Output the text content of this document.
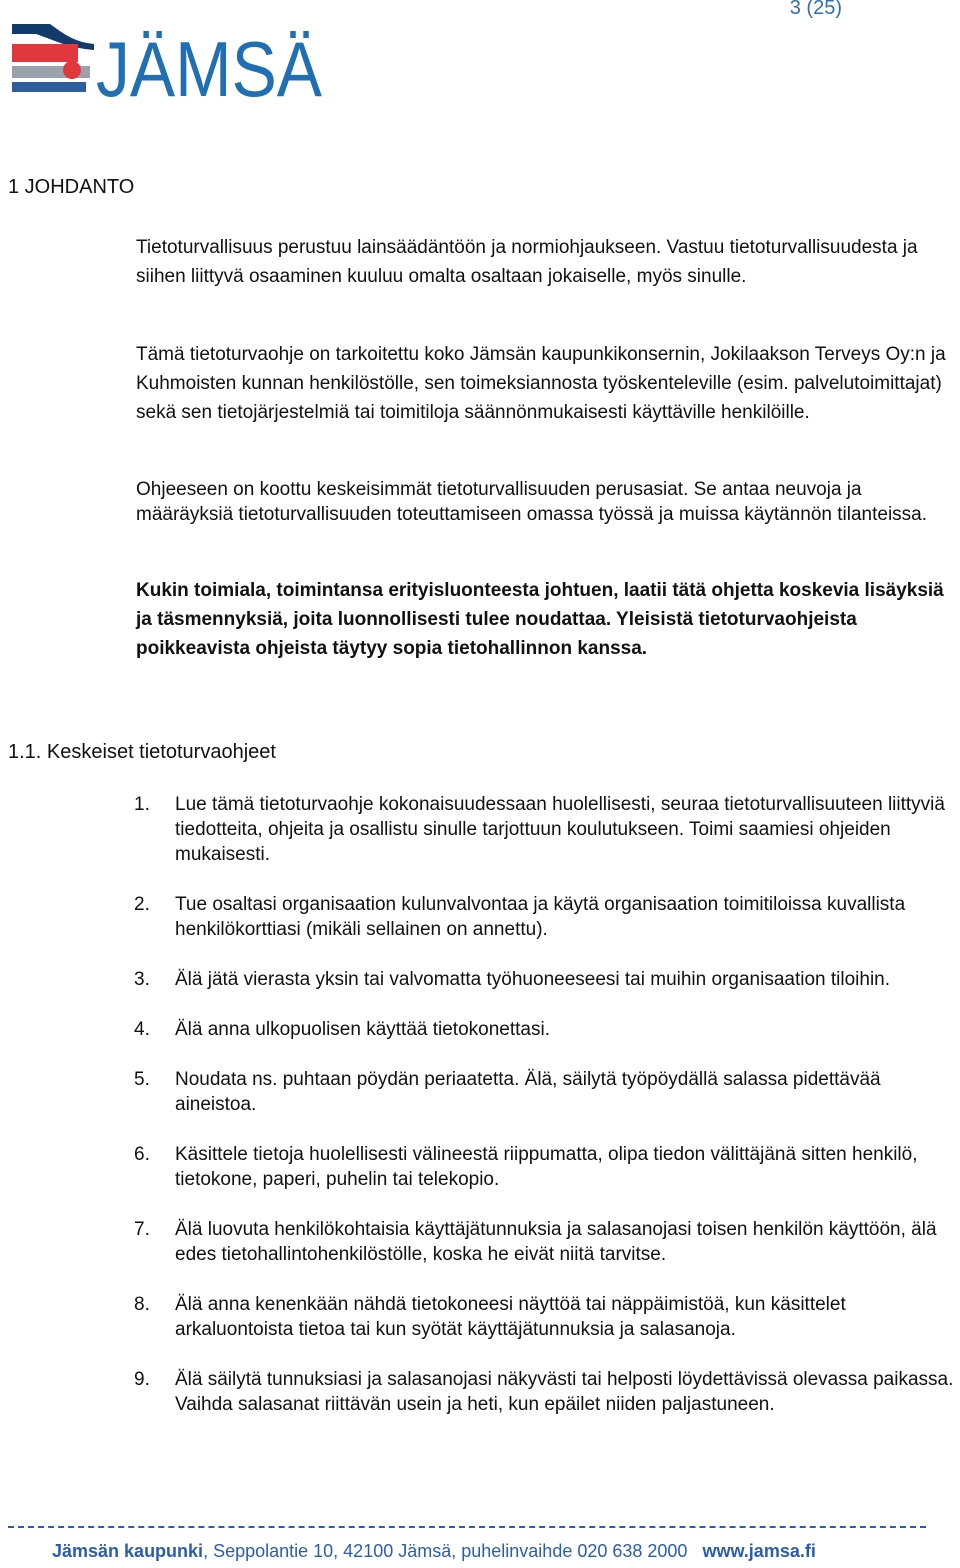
3 (25)
JÄMSÄ
1 JOHDANTO

Tietoturvallisuus perustuu lainsäädäntöön ja normiohjaukseen. Vastuu tietoturvallisuudesta ja siihen liittyvä osaaminen kuuluu omalta osaltaan jokaiselle, myös sinulle.

Tämä tietoturvaohje on tarkoitettu koko Jämsän kaupunkikonsernin, Jokilaakson Terveys Oy:n ja Kuhmoisten kunnan henkilöstölle, sen toimeksiannosta työskenteleville (esim. palvelutoimittajat) sekä sen tietojärjestelmiä tai toimitiloja säännönmukaisesti käyttäville henkilöille.

Ohjeeseen on koottu keskeisimmät tietoturvallisuuden perusasiat. Se antaa neuvoja ja määräyksiä tietoturvallisuuden toteuttamiseen omassa työssä ja muissa käytännön tilanteissa.

Kukin toimiala, toimintansa erityisluonteesta johtuen, laatii tätä ohjetta koskevia lisäyksiä ja täsmennyksiä, joita luonnollisesti tulee noudattaa. Yleisistä tietoturvaohjeista poikkeavista ohjeista täytyy sopia tietohallinnon kanssa.

1.1. Keskeiset tietoturvaohjeet
1.	Lue tämä tietoturvaohje kokonaisuudessaan huolellisesti, seuraa tietoturvallisuuteen liittyviä tiedotteita, ohjeita ja osallistu sinulle tarjottuun koulutukseen. Toimi saamiesi ohjeiden mukaisesti.
2.	Tue osaltasi organisaation kulunvalvontaa ja käytä organisaation toimitiloissa kuvallista henkilökorttiasi (mikäli sellainen on annettu).
3.	Älä jätä vierasta yksin tai valvomatta työhuoneeseesi tai muihin organisaation tiloihin.
4.	Älä anna ulkopuolisen käyttää tietokonettasi.
5.	Noudata ns. puhtaan pöydän periaatetta. Älä, säilytä työpöydällä salassa pidettävää aineistoa.
6.	Käsittele tietoja huolellisesti välineestä riippumatta, olipa tiedon välittäjänä sitten henkilö, tietokone, paperi, puhelin tai telekopio.
7.	Älä luovuta henkilökohtaisia käyttäjätunnuksia ja salasanojasi toisen henkilön käyttöön, älä edes tietohallintohenkilöstölle, koska he eivät niitä tarvitse.
8.	Älä anna kenenkään nähdä tietokoneesi näyttöä tai näppäimistöä, kun käsittelet arkaluontoista tietoa tai kun syötät käyttäjätunnuksia ja salasanoja.
9.	Älä säilytä tunnuksiasi ja salasanojasi näkyvästi tai helposti löydettävissä olevassa paikassa. Vaihda salasanat riittävän usein ja heti, kun epäilet niiden paljastuneen.
Jämsän kaupunki, Seppolantie 10, 42100 Jämsä, puhelinvaihde 020 638 2000 www.jamsa.fi
